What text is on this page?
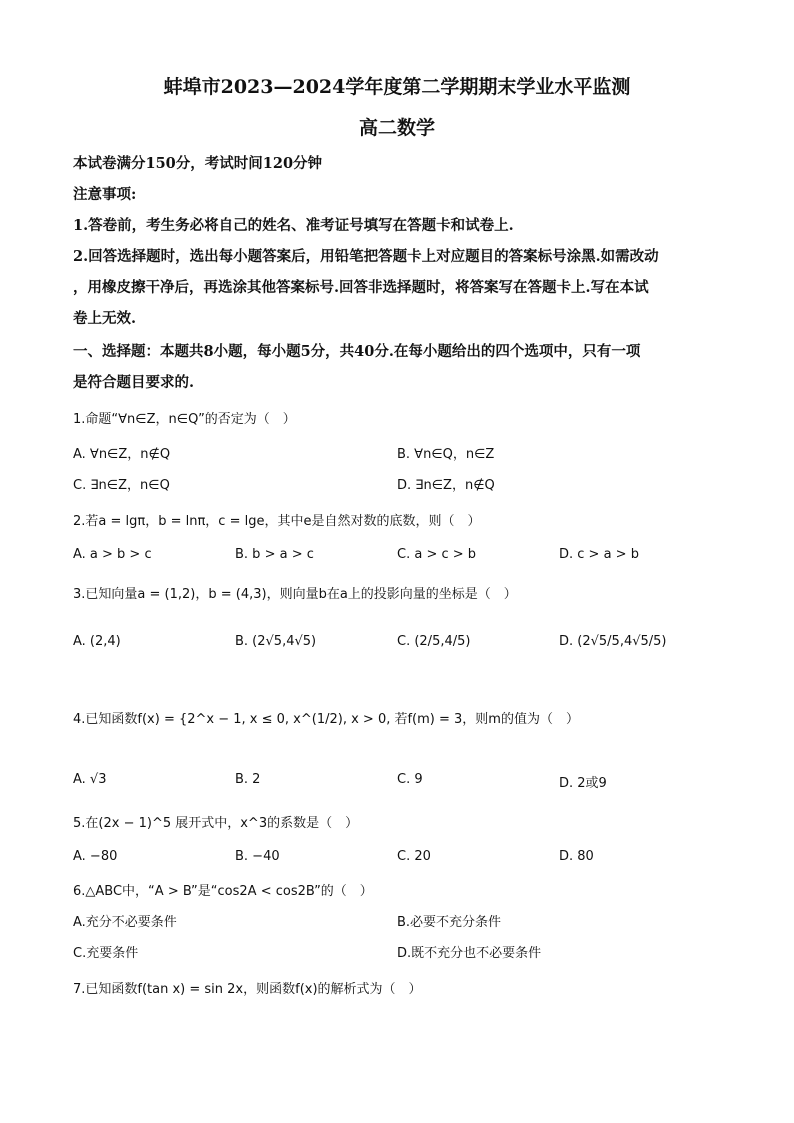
蚌埠市2023—2024学年度第二学期期末学业水平监测
高二数学
本试卷满分150分，考试时间120分钟
注意事项:
1.答卷前，考生务必将自己的姓名、准考证号填写在答题卡和试卷上.
2.回答选择题时，选出每小题答案后，用铅笔把答题卡上对应题目的答案标号涂黑.如需改动
，用橡皮擦干净后，再选涂其他答案标号.回答非选择题时，将答案写在答题卡上.写在本试
卷上无效.
一、选择题：本题共8小题，每小题5分，共40分.在每小题给出的四个选项中，只有一项
是符合题目要求的.
1.命题“∀n∈Z，n∈Q”的否定为（　）
A. ∀n∈Z，n∉Q	B. ∀n∈Q，n∈Z
C. ∃n∈Z，n∈Q	D. ∃n∈Z，n∉Q
2.若a = lgπ，b = lnπ，c = lge，其中e是自然对数的底数，则（　）
A. a > b > c	B. b > a > c	C. a > c > b	D. c > a > b
3.已知向量a = (1,2)，b = (4,3)，则向量b在a上的投影向量的坐标是（　）
A. (2,4)	B. (2√5,4√5)	C. (2/5,4/5)	D. (2√5/5,4√5/5)
4.已知函数f(x) = {2^x − 1, x ≤ 0, x^(1/2), x > 0, 若f(m) = 3，则m的值为（　）
A. √3	B. 2	C. 9	D. 2或9
5.在(2x − 1)^5 展开式中，x^3的系数是（　）
A. −80	B. −40	C. 20	D. 80
6.△ABC中，“A > B”是“cos2A < cos2B”的（　）
A.充分不必要条件	B.必要不充分条件
C.充要条件	D.既不充分也不必要条件
7.已知函数f(tan x) = sin 2x，则函数f(x)的解析式为（　）
